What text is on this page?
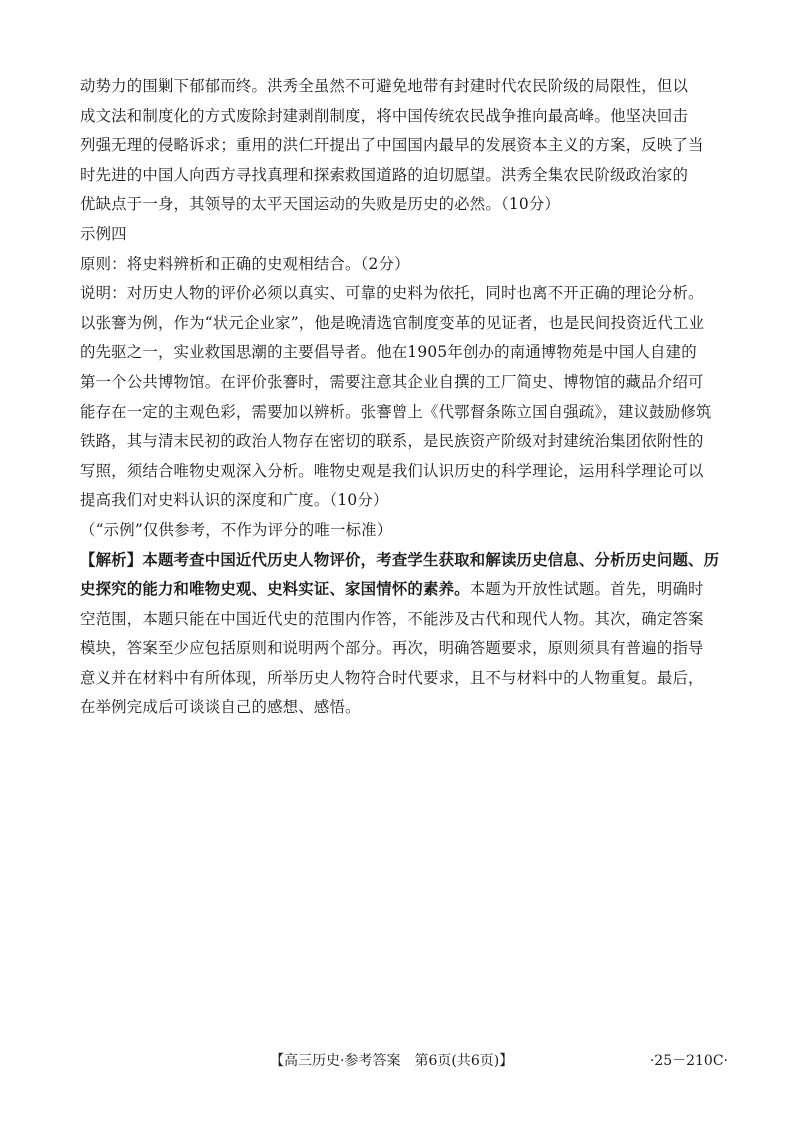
动势力的围剿下郁郁而终。洪秀全虽然不可避免地带有封建时代农民阶级的局限性，但以
成文法和制度化的方式废除封建剥削制度，将中国传统农民战争推向最高峰。他坚决回击
列强无理的侵略诉求；重用的洪仁玕提出了中国国内最早的发展资本主义的方案，反映了当
时先进的中国人向西方寻找真理和探索救国道路的迫切愿望。洪秀全集农民阶级政治家的
优缺点于一身，其领导的太平天国运动的失败是历史的必然。（10分）
示例四
原则：将史料辨析和正确的史观相结合。（2分）
说明：对历史人物的评价必须以真实、可靠的史料为依托，同时也离不开正确的理论分析。
以张謇为例，作为“状元企业家”，他是晚清选官制度变革的见证者，也是民间投资近代工业
的先驱之一，实业救国思潮的主要倡导者。他在1905年创办的南通博物苑是中国人自建的
第一个公共博物馆。在评价张謇时，需要注意其企业自撰的工厂简史、博物馆的藏品介绍可
能存在一定的主观色彩，需要加以辨析。张謇曾上《代鄂督条陈立国自强疏》，建议鼓励修筑
铁路，其与清末民初的政治人物存在密切的联系，是民族资产阶级对封建统治集团依附性的
写照，须结合唯物史观深入分析。唯物史观是我们认识历史的科学理论，运用科学理论可以
提高我们对史料认识的深度和广度。（10分）
（“示例”仅供参考，不作为评分的唯一标准）
【解析】本题考查中国近代历史人物评价，考查学生获取和解读历史信息、分析历史问题、历
史探究的能力和唯物史观、史料实证、家国情怀的素养。本题为开放性试题。首先，明确时
空范围，本题只能在中国近代史的范围内作答，不能涉及古代和现代人物。其次，确定答案
模块，答案至少应包括原则和说明两个部分。再次，明确答题要求，原则须具有普遍的指导
意义并在材料中有所体现，所举历史人物符合时代要求，且不与材料中的人物重复。最后，
在举例完成后可谈谈自己的感想、感悟。
【高三历史·参考答案　第6页(共6页)】	·25－210C·
